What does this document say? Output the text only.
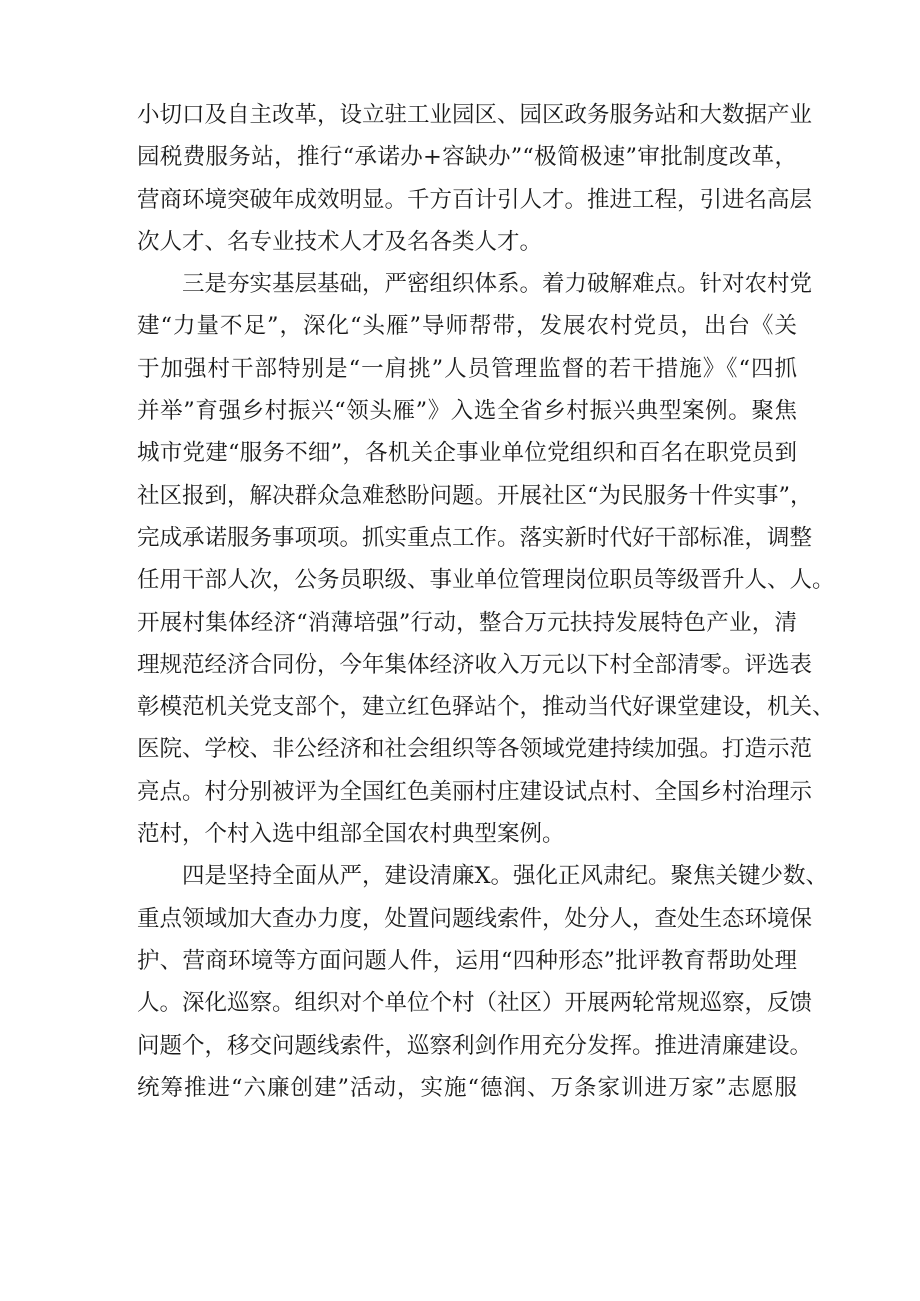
小切口及自主改革，设立驻工业园区、园区政务服务站和大数据产业
园税费服务站，推行“承诺办+容缺办”“极简极速”审批制度改革，
营商环境突破年成效明显。千方百计引人才。推进工程，引进名高层
次人才、名专业技术人才及名各类人才。
三是夯实基层基础，严密组织体系。着力破解难点。针对农村党
建“力量不足”，深化“头雁”导师帮带，发展农村党员，出台《关
于加强村干部特别是“一肩挑”人员管理监督的若干措施》《“四抓
并举”育强乡村振兴“领头雁”》入选全省乡村振兴典型案例。聚焦
城市党建“服务不细”，各机关企事业单位党组织和百名在职党员到
社区报到，解决群众急难愁盼问题。开展社区“为民服务十件实事”，
完成承诺服务事项项。抓实重点工作。落实新时代好干部标准，调整
任用干部人次，公务员职级、事业单位管理岗位职员等级晋升人、人。
开展村集体经济“消薄培强”行动，整合万元扶持发展特色产业，清
理规范经济合同份，今年集体经济收入万元以下村全部清零。评选表
彰模范机关党支部个，建立红色驿站个，推动当代好课堂建设，机关、
医院、学校、非公经济和社会组织等各领域党建持续加强。打造示范
亮点。村分别被评为全国红色美丽村庄建设试点村、全国乡村治理示
范村，个村入选中组部全国农村典型案例。
四是坚持全面从严，建设清廉X。强化正风肃纪。聚焦关键少数、
重点领域加大查办力度，处置问题线索件，处分人，查处生态环境保
护、营商环境等方面问题人件，运用“四种形态”批评教育帮助处理
人。深化巡察。组织对个单位个村（社区）开展两轮常规巡察，反馈
问题个，移交问题线索件，巡察利剑作用充分发挥。推进清廉建设。
统筹推进“六廉创建”活动，实施“德润、万条家训进万家”志愿服
